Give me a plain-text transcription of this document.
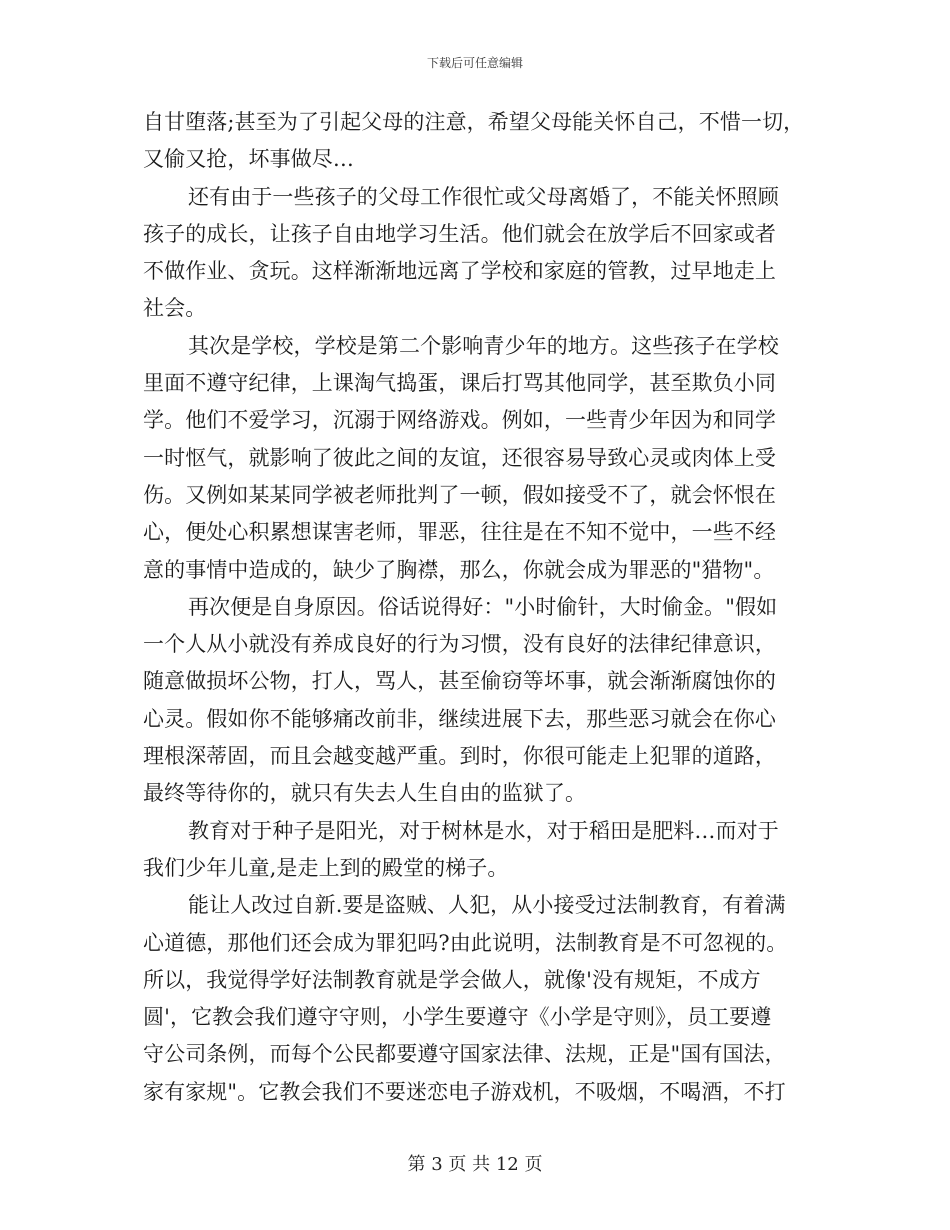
下载后可任意编辑
自甘堕落;甚至为了引起父母的注意，希望父母能关怀自己，不惜一切，
又偷又抢，坏事做尽…
还有由于一些孩子的父母工作很忙或父母离婚了，不能关怀照顾
孩子的成长，让孩子自由地学习生活。他们就会在放学后不回家或者
不做作业、贪玩。这样渐渐地远离了学校和家庭的管教，过早地走上
社会。
其次是学校，学校是第二个影响青少年的地方。这些孩子在学校
里面不遵守纪律，上课淘气捣蛋，课后打骂其他同学，甚至欺负小同
学。他们不爱学习，沉溺于网络游戏。例如，一些青少年因为和同学
一时怄气，就影响了彼此之间的友谊，还很容易导致心灵或肉体上受
伤。又例如某某同学被老师批判了一顿，假如接受不了，就会怀恨在
心，便处心积累想谋害老师，罪恶，往往是在不知不觉中，一些不经
意的事情中造成的，缺少了胸襟，那么，你就会成为罪恶的"猎物"。
再次便是自身原因。俗话说得好："小时偷针，大时偷金。"假如
一个人从小就没有养成良好的行为习惯，没有良好的法律纪律意识，
随意做损坏公物，打人，骂人，甚至偷窃等坏事，就会渐渐腐蚀你的
心灵。假如你不能够痛改前非，继续进展下去，那些恶习就会在你心
理根深蒂固，而且会越变越严重。到时，你很可能走上犯罪的道路，
最终等待你的，就只有失去人生自由的监狱了。
教育对于种子是阳光，对于树林是水，对于稻田是肥料…而对于
我们少年儿童,是走上到的殿堂的梯子。
能让人改过自新.要是盗贼、人犯，从小接受过法制教育，有着满
心道德，那他们还会成为罪犯吗?由此说明，法制教育是不可忽视的。
所以，我觉得学好法制教育就是学会做人，就像'没有规矩，不成方
圆'，它教会我们遵守守则，小学生要遵守《小学是守则》，员工要遵
守公司条例，而每个公民都要遵守国家法律、法规，正是"国有国法，
家有家规"。它教会我们不要迷恋电子游戏机，不吸烟，不喝酒，不打
第 3 页 共 12 页
